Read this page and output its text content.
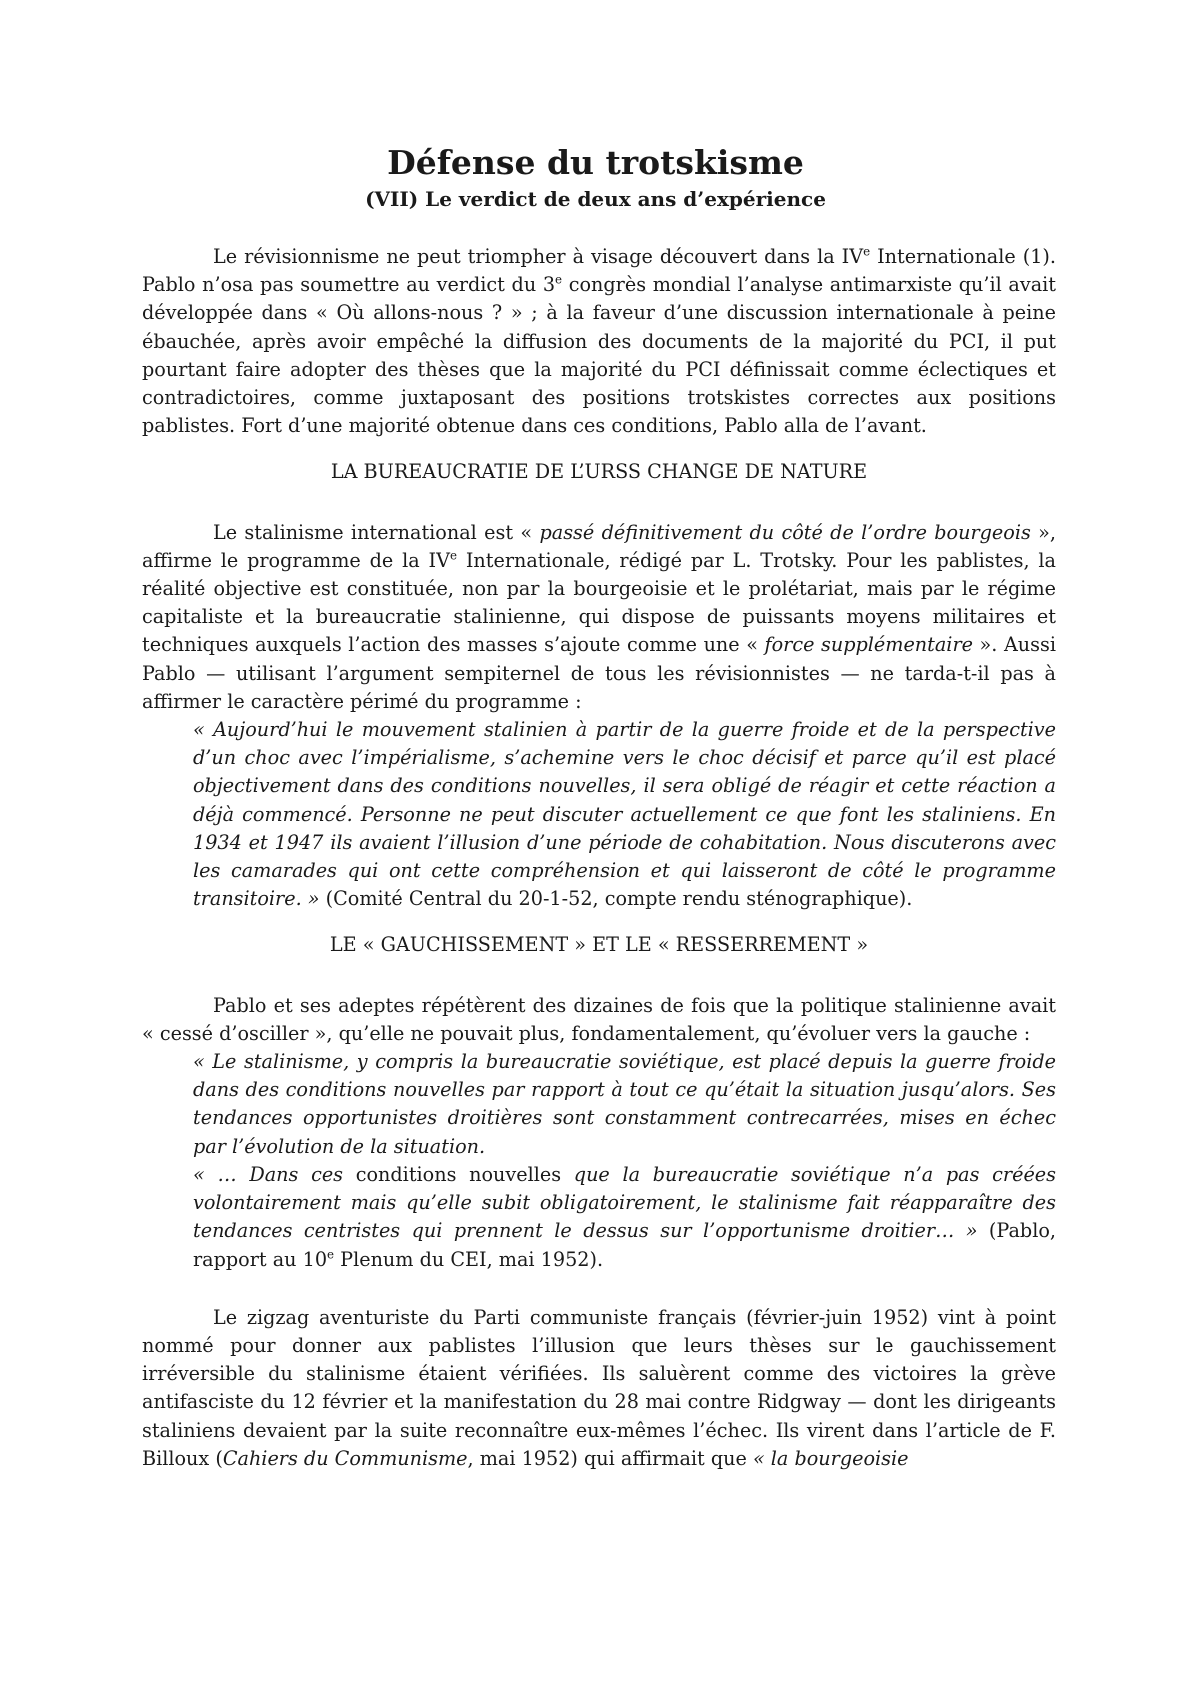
Défense du trotskisme
(VII) Le verdict de deux ans d’expérience

Le révisionnisme ne peut triompher à visage découvert dans la IVe Internationale (1). Pablo n’osa pas soumettre au verdict du 3e congrès mondial l’analyse antimarxiste qu’il avait développée dans « Où allons-nous ? » ; à la faveur d’une discussion internationale à peine ébauchée, après avoir empêché la diffusion des documents de la majorité du PCI, il put pourtant faire adopter des thèses que la majorité du PCI définissait comme éclectiques et contradictoires, comme juxtaposant des positions trotskistes correctes aux positions pablistes. Fort d’une majorité obtenue dans ces conditions, Pablo alla de l’avant.

LA BUREAUCRATIE DE L’URSS CHANGE DE NATURE

Le stalinisme international est « passé définitivement du côté de l’ordre bourgeois », affirme le programme de la IVe Internationale, rédigé par L. Trotsky. Pour les pablistes, la réalité objective est constituée, non par la bourgeoisie et le prolétariat, mais par le régime capitaliste et la bureaucratie stalinienne, qui dispose de puissants moyens militaires et techniques auxquels l’action des masses s’ajoute comme une « force supplémentaire ». Aussi Pablo — utilisant l’argument sempiternel de tous les révisionnistes — ne tarda-t-il pas à affirmer le caractère périmé du programme :

« Aujourd’hui le mouvement stalinien à partir de la guerre froide et de la perspective d’un choc avec l’impérialisme, s’achemine vers le choc décisif et parce qu’il est placé objectivement dans des conditions nouvelles, il sera obligé de réagir et cette réaction a déjà commencé. Personne ne peut discuter actuellement ce que font les staliniens. En 1934 et 1947 ils avaient l’illusion d’une période de cohabitation. Nous discuterons avec les camarades qui ont cette compréhension et qui laisseront de côté le programme transitoire. » (Comité Central du 20-1-52, compte rendu sténographique).

LE « GAUCHISSEMENT » ET LE « RESSERREMENT »

Pablo et ses adeptes répétèrent des dizaines de fois que la politique stalinienne avait « cessé d’osciller », qu’elle ne pouvait plus, fondamentalement, qu’évoluer vers la gauche :

« Le stalinisme, y compris la bureaucratie soviétique, est placé depuis la guerre froide dans des conditions nouvelles par rapport à tout ce qu’était la situation jusqu’alors. Ses tendances opportunistes droitières sont constamment contrecarrées, mises en échec par l’évolution de la situation.

« … Dans ces conditions nouvelles que la bureaucratie soviétique n’a pas créées volontairement mais qu’elle subit obligatoirement, le stalinisme fait réapparaître des tendances centristes qui prennent le dessus sur l’opportunisme droitier… » (Pablo, rapport au 10e Plenum du CEI, mai 1952).

Le zigzag aventuriste du Parti communiste français (février-juin 1952) vint à point nommé pour donner aux pablistes l’illusion que leurs thèses sur le gauchissement irréversible du stalinisme étaient vérifiées. Ils saluèrent comme des victoires la grève antifasciste du 12 février et la manifestation du 28 mai contre Ridgway — dont les dirigeants staliniens devaient par la suite reconnaître eux-mêmes l’échec. Ils virent dans l’article de F. Billoux (Cahiers du Communisme, mai 1952) qui affirmait que « la bourgeoisie
